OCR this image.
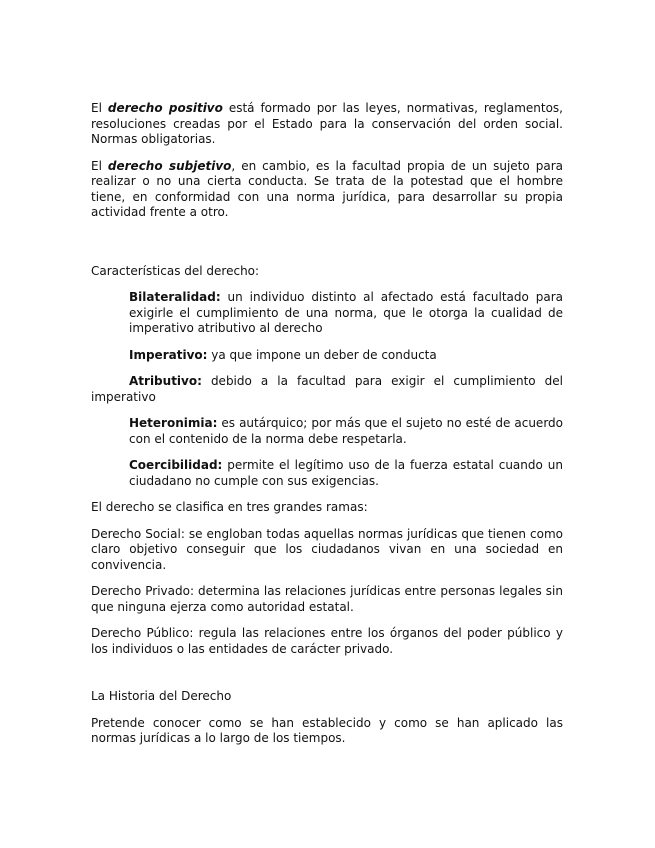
El derecho positivo está formado por las leyes, normativas, reglamentos, resoluciones creadas por el Estado para la conservación del orden social. Normas obligatorias.

El derecho subjetivo, en cambio, es la facultad propia de un sujeto para realizar o no una cierta conducta. Se trata de la potestad que el hombre tiene, en conformidad con una norma jurídica, para desarrollar su propia actividad frente a otro.

Características del derecho:

Bilateralidad: un individuo distinto al afectado está facultado para exigirle el cumplimiento de una norma, que le otorga la cualidad de imperativo atributivo al derecho

Imperativo: ya que impone un deber de conducta

Atributivo: debido a la facultad para exigir el cumplimiento del imperativo

Heteronimia: es autárquico; por más que el sujeto no esté de acuerdo con el contenido de la norma debe respetarla.

Coercibilidad: permite el legítimo uso de la fuerza estatal cuando un ciudadano no cumple con sus exigencias.

El derecho se clasifica en tres grandes ramas:

Derecho Social: se engloban todas aquellas normas jurídicas que tienen como claro objetivo conseguir que los ciudadanos vivan en una sociedad en convivencia.

Derecho Privado: determina las relaciones jurídicas entre personas legales sin que ninguna ejerza como autoridad estatal.

Derecho Público: regula las relaciones entre los órganos del poder público y los individuos o las entidades de carácter privado.

La Historia del Derecho

Pretende conocer como se han establecido y como se han aplicado las normas jurídicas a lo largo de los tiempos.
